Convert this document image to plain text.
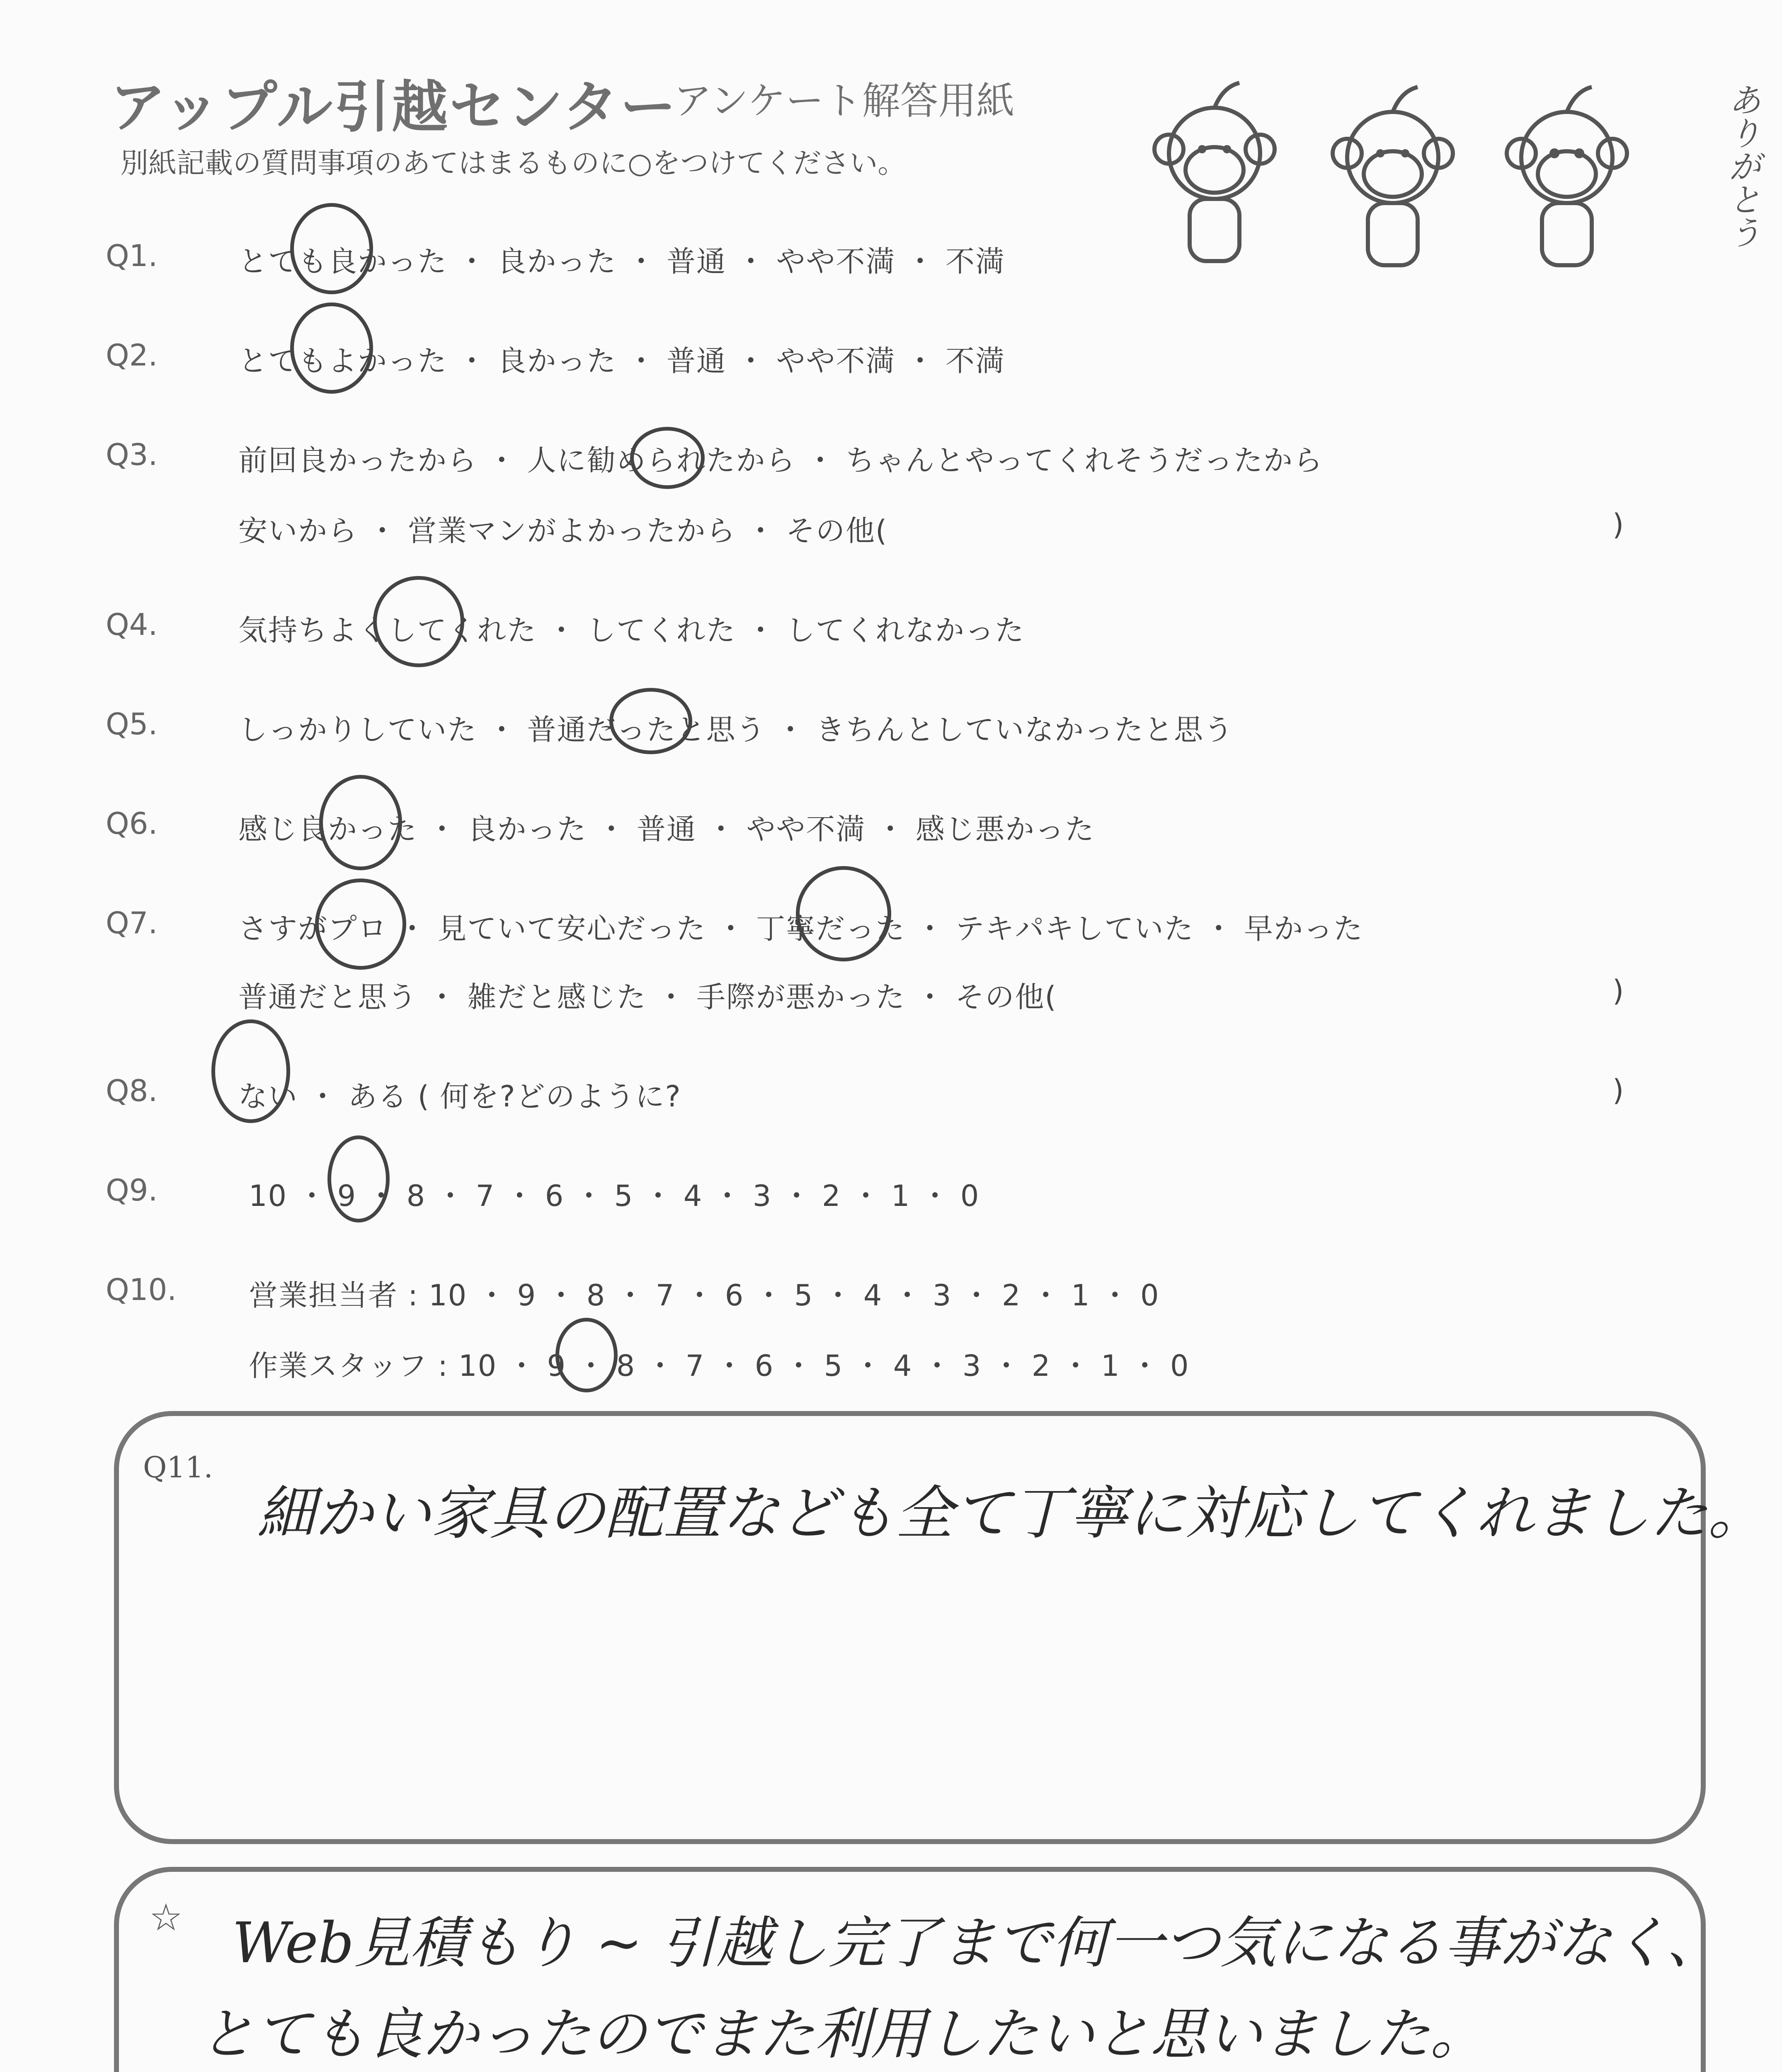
アップル引越センター
アンケート解答用紙
別紙記載の質問事項のあてはまるものに○をつけてください。	ありがとう
Q1.	とても良かった ・ 良かった ・ 普通 ・ やや不満 ・ 不満
Q2.	とてもよかった ・ 良かった ・ 普通 ・ やや不満 ・ 不満
Q3.	前回良かったから ・ 人に勧められたから ・ ちゃんとやってくれそうだったから
安いから ・ 営業マンがよかったから ・ その他(	)
Q4.	気持ちよくしてくれた ・ してくれた ・ してくれなかった
Q5.	しっかりしていた ・ 普通だったと思う ・ きちんとしていなかったと思う
Q6.	感じ良かった ・ 良かった ・ 普通 ・ やや不満 ・ 感じ悪かった
Q7.	さすがプロ ・ 見ていて安心だった ・ 丁寧だった ・ テキパキしていた ・ 早かった
普通だと思う ・ 雑だと感じた ・ 手際が悪かった ・ その他(	)
Q8.	ない ・ ある ( 何を?どのように?	)
Q9.	10 ・ 9 ・ 8 ・ 7 ・ 6 ・ 5 ・ 4 ・ 3 ・ 2 ・ 1 ・ 0
Q10. 営業担当者 : 10 ・ 9 ・ 8 ・ 7 ・ 6 ・ 5 ・ 4 ・ 3 ・ 2 ・ 1 ・ 0
作業スタッフ : 10 ・ 9 ・ 8 ・ 7 ・ 6 ・ 5 ・ 4 ・ 3 ・ 2 ・ 1 ・ 0
Q11.
細かい家具の配置なども全て丁寧に対応してくれました。
☆ Web見積もり ~ 引越し完了まで何一つ気になる事がなく、
とても良かったのでまた利用したいと思いました。
